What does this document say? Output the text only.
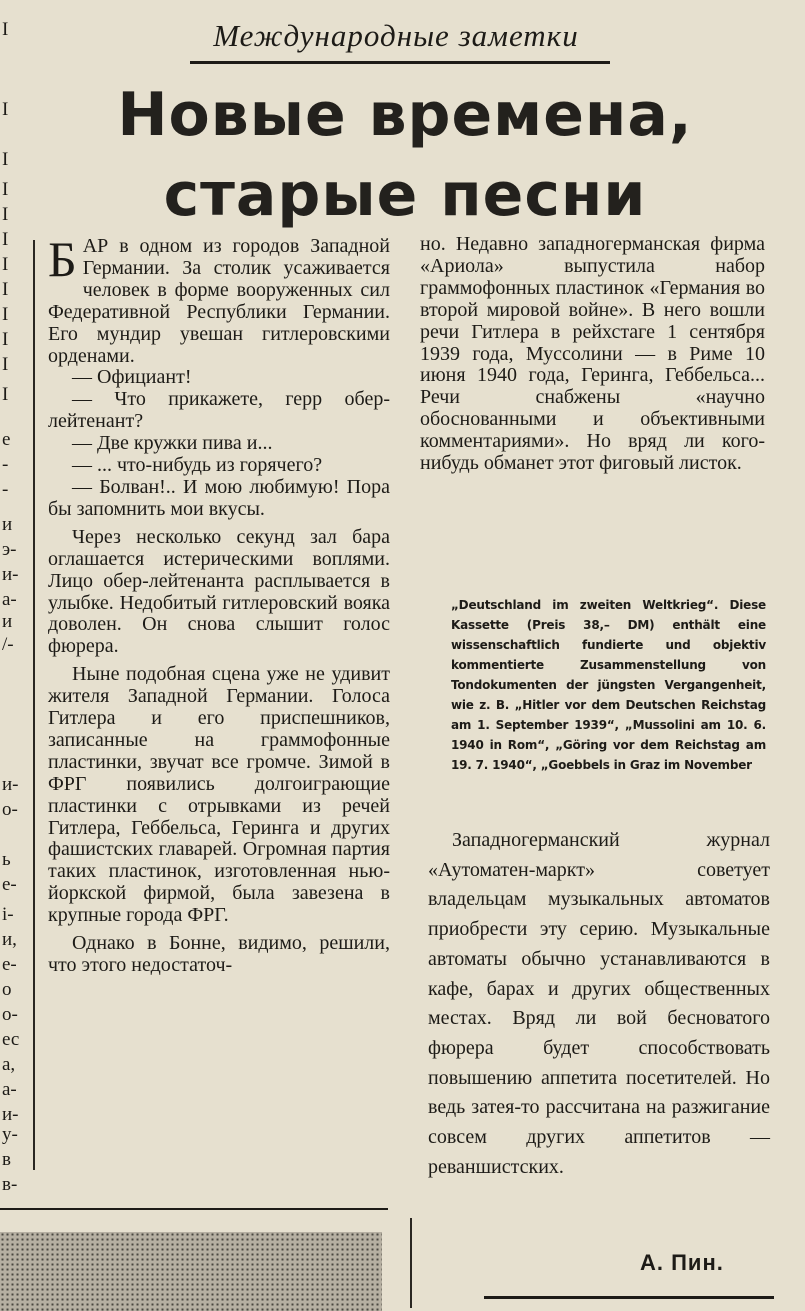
I
I
I
I
I
I
I
I
I
I
I
I
e
-
-
и
э-
и-
а-
и
/-
и-
о-
ь
е-
і-
и,
е-
о
о-
ес
а,
а-
и-
у-
в
в-
Международные заметки
Новые времена,
старые песни

БАР в одном из городов Западной Германии. За столик усаживается человек в форме вооруженных сил Федеративной Республики Германии. Его мундир увешан гитлеровскими орденами.

— Официант!

— Что прикажете, герр обер-лейтенант?

— Две кружки пива и...

— ... что-нибудь из горячего?

— Болван!.. И мою любимую! Пора бы запомнить мои вкусы.

Через несколько секунд зал бара оглашается истерическими воплями. Лицо обер-лейтенанта расплывается в улыбке. Недобитый гитлеровский вояка доволен. Он снова слышит голос фюрера.

Ныне подобная сцена уже не удивит жителя Западной Германии. Голоса Гитлера и его приспешников, записанные на граммофонные пластинки, звучат все громче. Зимой в ФРГ появились долгоиграющие пластинки с отрывками из речей Гитлера, Геббельса, Геринга и других фашистских главарей. Огромная партия таких пластинок, изготовленная нью-йоркской фирмой, была завезена в крупные города ФРГ.

Однако в Бонне, видимо, решили, что этого недостаточ-

но. Недавно западногерманская фирма «Ариола» выпустила набор граммофонных пластинок «Германия во второй мировой войне». В него вошли речи Гитлера в рейхстаге 1 сентября 1939 года, Муссолини — в Риме 10 июня 1940 года, Геринга, Геббельса... Речи снабжены «научно обоснованными и объективными комментариями». Но вряд ли кого-нибудь обманет этот фиговый листок.

„Deutschland im zweiten Weltkrieg“. Diese Kassette (Preis 38,– DM) enthält eine wissenschaftlich fundierte und objektiv kommentierte Zusammenstellung von Tondokumenten der jüngsten Vergangenheit, wie z. B. „Hitler vor dem Deutschen Reichstag am 1. September 1939“, „Mussolini am 10. 6. 1940 in Rom“, „Göring vor dem Reichstag am 19. 7. 1940“, „Goebbels in Graz im November

Западногерманский журнал «Аутоматен-маркт» советует владельцам музыкальных автоматов приобрести эту серию. Музыкальные автоматы обычно устанавливаются в кафе, барах и других общественных местах. Вряд ли вой бесноватого фюрера будет способствовать повышению аппетита посетителей. Но ведь затея-то рассчитана на разжигание совсем других аппетитов — реваншистских.

А. Пин.
